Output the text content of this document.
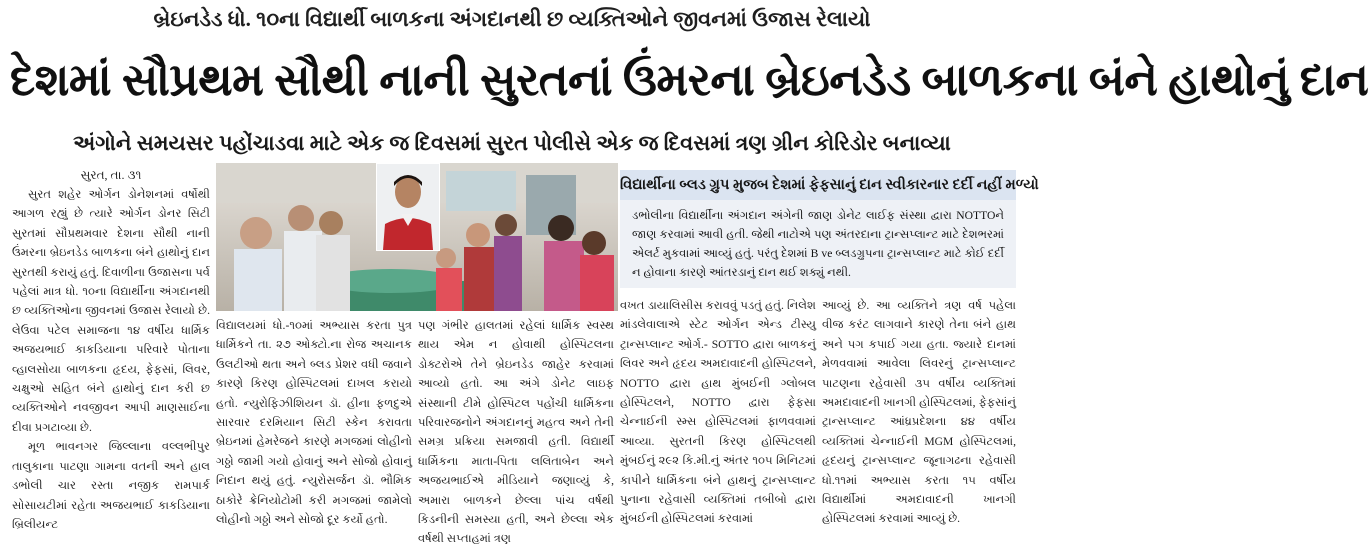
બ્રેઇનડેડ ધો. ૧૦ના વિદ્યાર્થી બાળકના અંગદાનથી છ વ્યક્તિઓને જીવનમાં ઉજાસ રેલાયો
દેશમાં સૌપ્રથમ સૌથી નાની સુરતનાં ઉંમરના બ્રેઇનડેડ બાળકના બંને હાથોનું દાન
અંગોને સમયસર પહોંચાડવા માટે એક જ દિવસમાં સુરત પોલીસે એક જ દિવસમાં ત્રણ ગ્રીન કોરિડોર બનાવ્યા
સુરત, તા. ૩૧

સુરત શહેર ઓર્ગન ડોનેશનમાં વર્ષોથી આગળ રહ્યું છે ત્યારે ઓર્ગન ડોનર સિટી સુરતમાં સૌપ્રથમવાર દેશના સૌથી નાની ઉંમરના બ્રેઇનડેડ બાળકના બંને હાથોનું દાન સુરતથી કરાયું હતું. દિવાળીના ઉજાસના પર્વ પહેલાં માત્ર ધો. ૧૦ના વિદ્યાર્થીના અંગદાનથી છ વ્યક્તિઓના જીવનમાં ઉજાસ રેલાયો છે. લેઉવા પટેલ સમાજના ૧૪ વર્ષીય ધાર્મિક અજયભાઈ કાકડિયાના પરિવારે પોતાના વ્હાલસોયા બાળકના હૃદય, ફેફસાં, લિવર, ચક્ષુઓ સહિત બંને હાથોનું દાન કરી છ વ્યક્તિઓને નવજીવન આપી માણસાઈના દીવા પ્રગટાવ્યા છે.

મૂળ ભાવનગર જિલ્લાના વલ્લભીપુર તાલુકાના પાટણા ગામના વતની અને હાલ ડભોલી ચાર રસ્તા નજીક રામપાર્ક સોસાયટીમાં રહેતા અજયભાઈ કાકડિયાના બ્રિલીયન્ટ

વિદ્યાલયમાં ધો.-૧૦માં અભ્યાસ કરતા પુત્ર ધાર્મિકને તા. ૨૭ ઓક્ટો.ના રોજ અચાનક ઉલટીઓ થતા અને બ્લડ પ્રેશર વધી જવાને કારણે કિરણ હોસ્પિટલમાં દાખલ કરાયો હતો. ન્યુરોફિઝીશિયન ડૉ. હીના ફળદુએ સારવાર દરમિયાન સિટી સ્કેન કરાવતા બ્રેઇનમાં હેમરેજને કારણે મગજમાં લોહીનો ગઠ્ઠો જામી ગયો હોવાનું અને સોજો હોવાનું નિદાન થયું હતું. ન્યુરોસર્જન ડૉ. ભૌમિક ઠાકોરે ક્રેનિયોટોમી કરી મગજમાં જામેલો લોહીનો ગઠ્ઠો અને સોજો દૂર કર્યો હતો.

પણ ગંભીર હાલતમાં રહેલાં ધાર્મિક સ્વસ્થ થાય એમ ન હોવાથી હોસ્પિટલના ડોક્ટરોએ તેને બ્રેઇનડેડ જાહેર કરવામાં આવ્યો હતો. આ અંગે ડોનેટ લાઇફ સંસ્થાની ટીમે હોસ્પિટલ પહોંચી ધાર્મિકના પરિવારજનોને અંગદાનનું મહત્વ અને તેની સમગ્ર પ્રક્રિયા સમજાવી હતી. વિદ્યાર્થી ધાર્મિકના માતા-પિતા લલિતાબેન અને અજયભાઈએ મીડિયાને જણાવ્યું કે, અમારા બાળકને છેલ્લા પાંચ વર્ષથી કિડનીની સમસ્યા હતી, અને છેલ્લા એક વર્ષથી સપ્તાહમાં ત્રણ

વિદ્યાર્થીના બ્લડ ગ્રુપ મુજબ દેશમાં ફેફસાનું દાન સ્વીકારનાર દર્દી નહીં મળ્યો
ડભોલીના વિદ્યાર્થીના અંગદાન અંગેની જાણ ડોનેટ લાઈફ સંસ્થા દ્વારા NOTTOને જાણ કરવામાં આવી હતી. જેથી નાટોએ પણ અંતરદાના ટ્રાન્સપ્લાન્ટ માટે દેશભરમાં એલર્ટ મુકવામાં આવ્યું હતું. પરંતુ દેશમાં B ve બ્લડગ્રુપના ટ્રાન્સપ્લાન્ટ માટે કોઈ દર્દી ન હોવાના કારણે આંતરડાનું દાન થઈ શક્યું નથી.

વખત ડાયાલિસીસ કરાવવું પડતું હતું. નિલેશ માંડલેવાલાએ સ્ટેટ ઓર્ગન એન્ડ ટીસ્યુ ટ્રાન્સપ્લાન્ટ ઓર્ગ.- SOTTO દ્વારા બાળકનું લિવર અને હૃદય અમદાવાદની હોસ્પિટલને, NOTTO દ્વારા હાથ મુંબઈની ગ્લોબલ હોસ્પિટલને, NOTTO દ્વારા ફેફસા ચેન્નાઈની સ્મ્સ હોસ્પિટલમાં ફાળવવામાં આવ્યા. સુરતની કિરણ હોસ્પિટલથી મુંબઈનું ૨૯૨ કિ.મી.નું અંતર ૧૦૫ મિનિટમાં કાપીને ધાર્મિકના બંને હાથનું ટ્રાન્સપ્લાન્ટ પુનાના રહેવાસી વ્યક્તિમાં તબીબો દ્વારા મુંબઈની હોસ્પિટલમાં કરવામાં

આવ્યું છે. આ વ્યક્તિને ત્રણ વર્ષ પહેલા વીજ કરંટ લાગવાને કારણે તેના બંને હાથ અને પગ કપાઈ ગયા હતા. જ્યારે દાનમાં મેળવવામાં આવેલા લિવરનું ટ્રાન્સપ્લાન્ટ પાટણના રહેવાસી ૩૫ વર્ષીય વ્યક્તિમાં અમદાવાદની ખાનગી હોસ્પિટલમાં, ફેફસાંનું ટ્રાન્સપ્લાન્ટ આંધ્રપ્રદેશના ૪૪ વર્ષીય વ્યક્તિમાં ચેન્નાઈની MGM હોસ્પિટલમાં, હૃદયનું ટ્રાન્સપ્લાન્ટ જૂનાગઢના રહેવાસી ધો.૧૧માં અભ્યાસ કરતા ૧૫ વર્ષીય વિદ્યાર્થીમાં અમદાવાદની ખાનગી હોસ્પિટલમાં કરવામાં આવ્યું છે.
